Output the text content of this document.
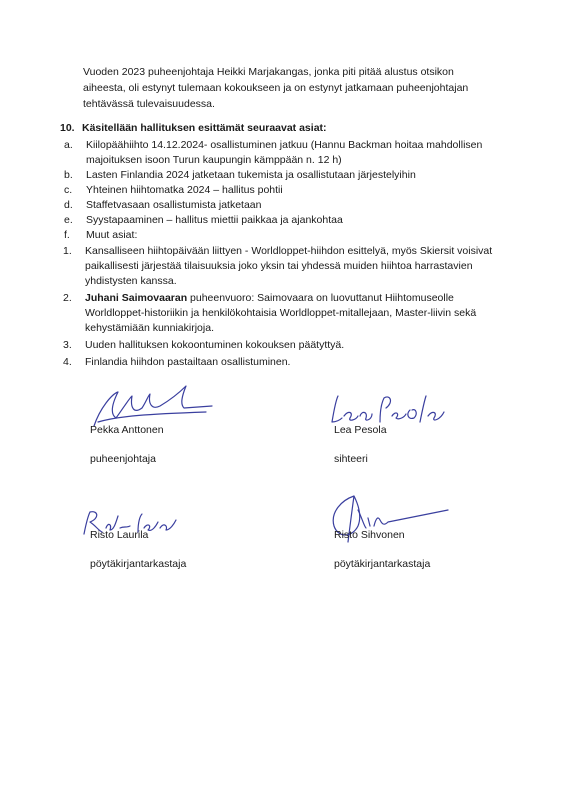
Vuoden 2023 puheenjohtaja Heikki Marjakangas, jonka piti pitää alustus otsikon aiheesta, oli estynyt tulemaan kokoukseen ja on estynyt jatkamaan puheenjohtajan tehtävässä tulevaisuudessa.

10. Käsitellään hallituksen esittämät seuraavat asiat:
a.	Kiilopäähiihto 14.12.2024- osallistuminen jatkuu (Hannu Backman hoitaa mahdollisen majoituksen isoon Turun kaupungin kämppään n. 12 h)
b.	Lasten Finlandia 2024 jatketaan tukemista ja osallistutaan järjestelyihin
c.	Yhteinen hiihtomatka 2024 – hallitus pohtii
d.	Staffetvasaan osallistumista jatketaan
e.	Syystapaaminen – hallitus miettii paikkaa ja ajankohtaa
f.	Muut asiat:
1.	Kansalliseen hiihtopäivään liittyen - Worldloppet-hiihdon esittelyä, myös Skiersit voisivat paikallisesti järjestää tilaisuuksia joko yksin tai yhdessä muiden hiihtoa harrastavien yhdistysten kanssa.
2.	Juhani Saimovaaran puheenvuoro: Saimovaara on luovuttanut Hiihtomuseolle Worldloppet-historiikin ja henkilökohtaisia Worldloppet-mitallejaan, Master-liivin sekä kehystämiään kunniakirjoja.
3.	Uuden hallituksen kokoontuminen kokouksen päätyttyä.
4.	Finlandia hiihdon pastailtaan osallistuminen.
Pekka Anttonen
puheenjohtaja
Lea Pesola
sihteeri
Risto Laurila
pöytäkirjantarkastaja
Risto Sihvonen
pöytäkirjantarkastaja
